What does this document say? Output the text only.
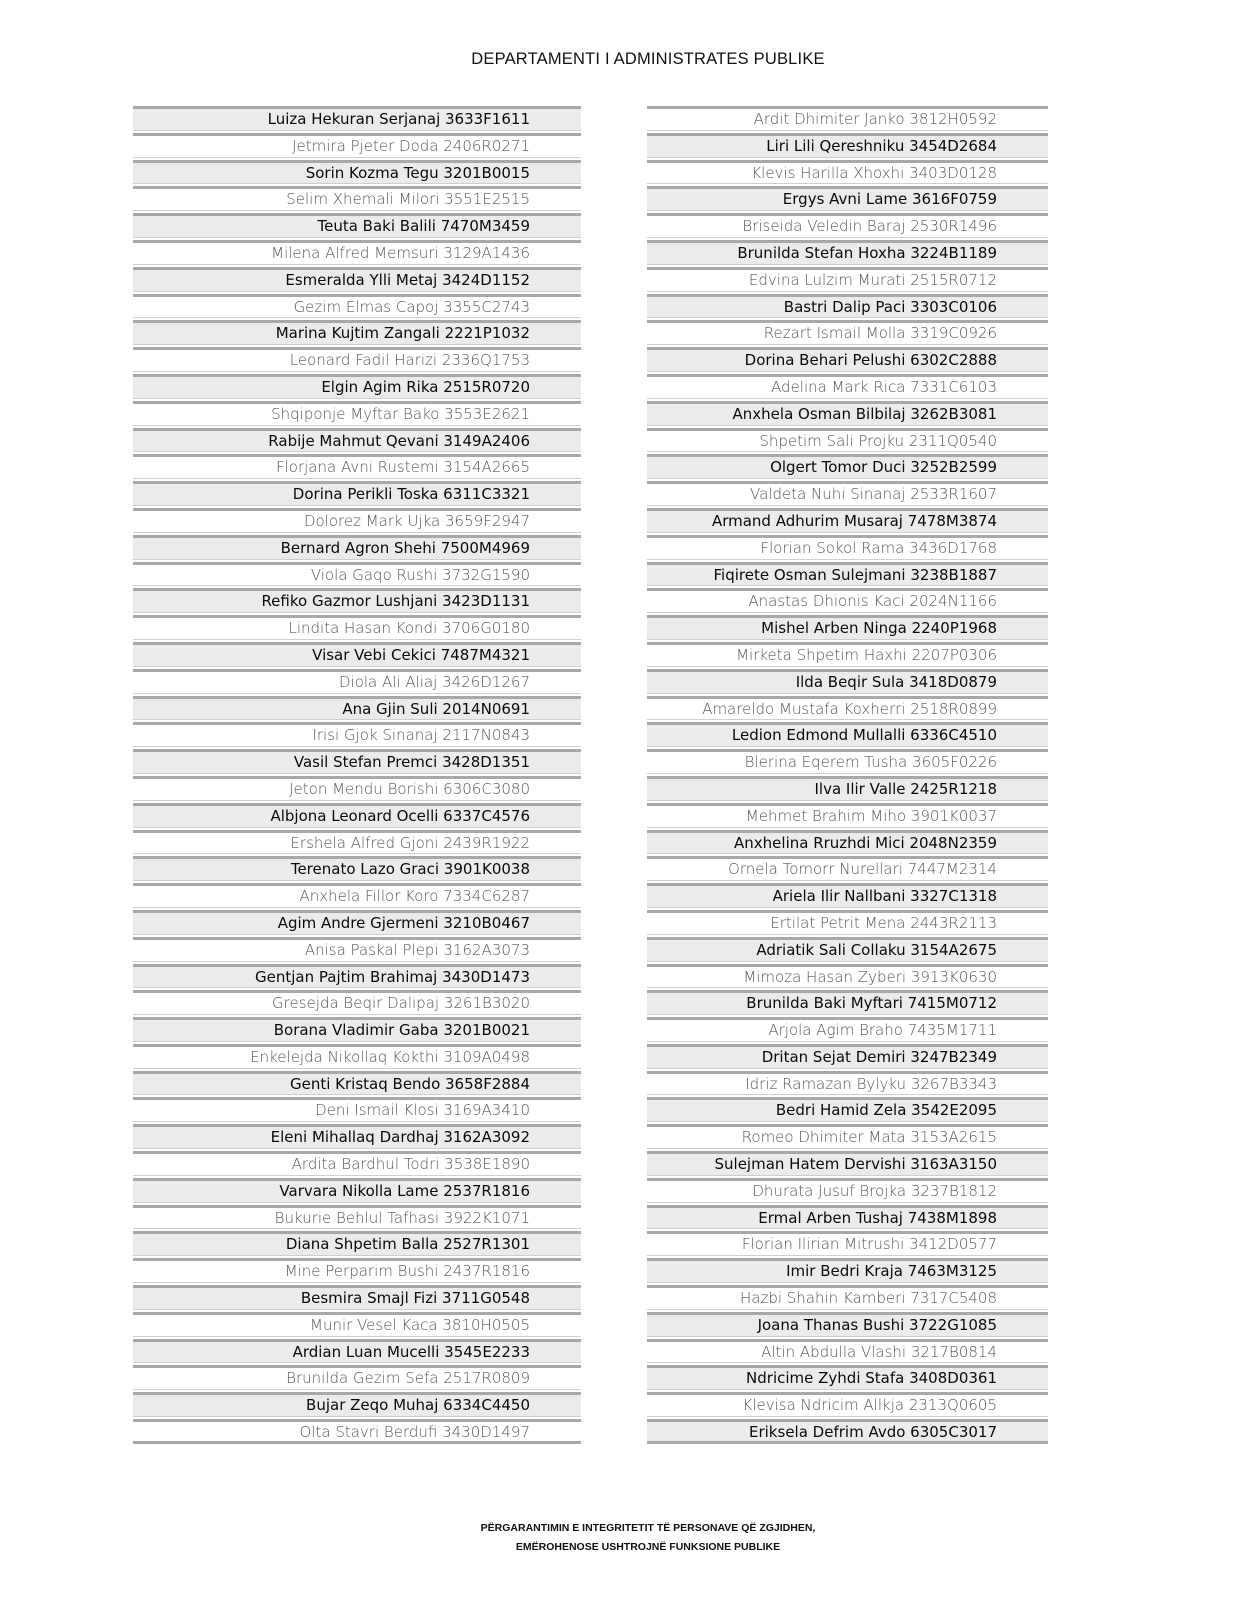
DEPARTAMENTI I ADMINISTRATES PUBLIKE
Luiza Hekuran Serjanaj 3633F1611
Jetmira Pjeter Doda 2406R0271
Sorin Kozma Tegu 3201B0015
Selim Xhemali Milori 3551E2515
Teuta Baki Balili 7470M3459
Milena Alfred Memsuri 3129A1436
Esmeralda Ylli Metaj 3424D1152
Gezim Elmas Capoj 3355C2743
Marina Kujtim Zangali 2221P1032
Leonard Fadil Harizi 2336Q1753
Elgin Agim Rika 2515R0720
Shqiponje Myftar Bako 3553E2621
Rabije Mahmut Qevani 3149A2406
Florjana Avni Rustemi 3154A2665
Dorina Perikli Toska 6311C3321
Dolorez Mark Ujka 3659F2947
Bernard Agron Shehi 7500M4969
Viola Gaqo Rushi 3732G1590
Refiko Gazmor Lushjani 3423D1131
Lindita Hasan Kondi 3706G0180
Visar Vebi Cekici 7487M4321
Diola Ali Aliaj 3426D1267
Ana Gjin Suli 2014N0691
Irisi Gjok Sinanaj 2117N0843
Vasil Stefan Premci 3428D1351
Jeton Mendu Borishi 6306C3080
Albjona Leonard Ocelli 6337C4576
Ershela Alfred Gjoni 2439R1922
Terenato Lazo Graci 3901K0038
Anxhela Fillor Koro 7334C6287
Agim Andre Gjermeni 3210B0467
Anisa Paskal Plepi 3162A3073
Gentjan Pajtim Brahimaj 3430D1473
Gresejda Beqir Dalipaj 3261B3020
Borana Vladimir Gaba 3201B0021
Enkelejda Nikollaq Kokthi 3109A0498
Genti Kristaq Bendo 3658F2884
Deni Ismail Klosi 3169A3410
Eleni Mihallaq Dardhaj 3162A3092
Ardita Bardhul Todri 3538E1890
Varvara Nikolla Lame 2537R1816
Bukurie Behlul Tafhasi 3922K1071
Diana Shpetim Balla 2527R1301
Mine Perparim Bushi 2437R1816
Besmira Smajl Fizi 3711G0548
Munir Vesel Kaca 3810H0505
Ardian Luan Mucelli 3545E2233
Brunilda Gezim Sefa 2517R0809
Bujar Zeqo Muhaj 6334C4450
Olta Stavri Berdufi 3430D1497
Ardit Dhimiter Janko 3812H0592
Liri Lili Qereshniku 3454D2684
Klevis Harilla Xhoxhi 3403D0128
Ergys Avni Lame 3616F0759
Briseida Veledin Baraj 2530R1496
Brunilda Stefan Hoxha 3224B1189
Edvina Lulzim Murati 2515R0712
Bastri Dalip Paci 3303C0106
Rezart Ismail Molla 3319C0926
Dorina Behari Pelushi 6302C2888
Adelina Mark Rica 7331C6103
Anxhela Osman Bilbilaj 3262B3081
Shpetim Sali Projku 2311Q0540
Olgert Tomor Duci 3252B2599
Valdeta Nuhi Sinanaj 2533R1607
Armand Adhurim Musaraj 7478M3874
Florian Sokol Rama 3436D1768
Fiqirete Osman Sulejmani 3238B1887
Anastas Dhionis Kaci 2024N1166
Mishel Arben Ninga 2240P1968
Mirketa Shpetim Haxhi 2207P0306
Ilda Beqir Sula 3418D0879
Amareldo Mustafa Koxherri 2518R0899
Ledion Edmond Mullalli 6336C4510
Blerina Eqerem Tusha 3605F0226
Ilva Ilir Valle 2425R1218
Mehmet Brahim Miho 3901K0037
Anxhelina Rruzhdi Mici 2048N2359
Ornela Tomorr Nurellari 7447M2314
Ariela Ilir Nallbani 3327C1318
Ertilat Petrit Mena 2443R2113
Adriatik Sali Collaku 3154A2675
Mimoza Hasan Zyberi 3913K0630
Brunilda Baki Myftari 7415M0712
Arjola Agim Braho 7435M1711
Dritan Sejat Demiri 3247B2349
Idriz Ramazan Bylyku 3267B3343
Bedri Hamid Zela 3542E2095
Romeo Dhimiter Mata 3153A2615
Sulejman Hatem Dervishi 3163A3150
Dhurata Jusuf Brojka 3237B1812
Ermal Arben Tushaj 7438M1898
Florian Ilirian Mitrushi 3412D0577
Imir Bedri Kraja 7463M3125
Hazbi Shahin Kamberi 7317C5408
Joana Thanas Bushi 3722G1085
Altin Abdulla Vlashi 3217B0814
Ndricime Zyhdi Stafa 3408D0361
Klevisa Ndricim Allkja 2313Q0605
Eriksela Defrim Avdo 6305C3017
PËRGARANTIMIN E INTEGRITETIT TË PERSONAVE QË ZGJIDHEN,
EMËROHENOSE USHTROJNË FUNKSIONE PUBLIKE
